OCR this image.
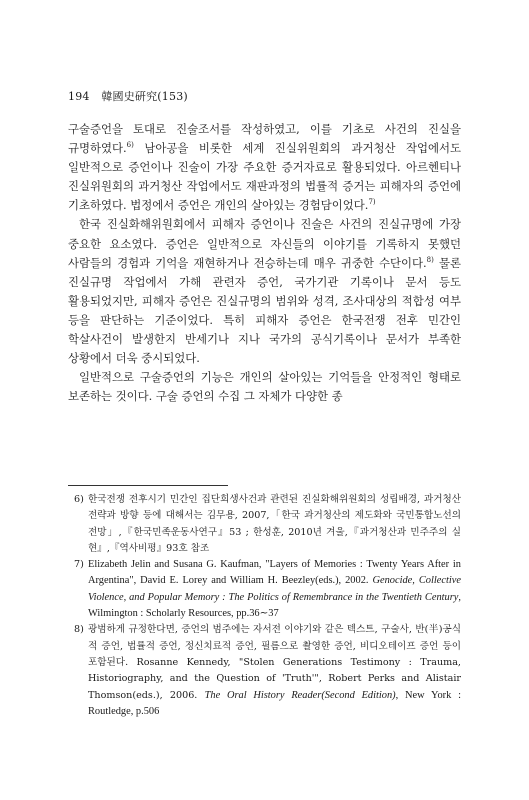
194 韓國史硏究(153)

구술증언을 토대로 진술조서를 작성하였고, 이를 기초로 사건의 진실을 규명하였다.$^{6)}$ 남아공을 비롯한 세계 진실위원회의 과거청산 작업에서도 일반적으로 증언이나 진술이 가장 주요한 증거자료로 활용되었다. 아르헨티나 진실위원회의 과거청산 작업에서도 재판과정의 법률적 증거는 피해자의 증언에 기초하였다. 법정에서 증언은 개인의 살아있는 경험담이었다.$^{7)}$

한국 진실화해위원회에서 피해자 증언이나 진술은 사건의 진실규명에 가장 중요한 요소였다. 증언은 일반적으로 자신들의 이야기를 기록하지 못했던 사람들의 경험과 기억을 재현하거나 전승하는데 매우 귀중한 수단이다.$^{8)}$ 물론 진실규명 작업에서 가해 관련자 증언, 국가기관 기록이나 문서 등도 활용되었지만, 피해자 증언은 진실규명의 범위와 성격, 조사대상의 적합성 여부 등을 판단하는 기준이었다. 특히 피해자 증언은 한국전쟁 전후 민간인 학살사건이 발생한지 반세기나 지나 국가의 공식기록이나 문서가 부족한 상황에서 더욱 중시되었다.

일반적으로 구술증언의 기능은 개인의 살아있는 기억들을 안정적인 형태로 보존하는 것이다. 구술 증언의 수집 그 자체가 다양한 종

6) 한국전쟁 전후시기 민간인 집단희생사건과 관련된 진실화해위원회의 성립배경, 과거청산 전략과 방향 등에 대해서는 김무용, 2007,「한국 과거청산의 제도화와 국민통합노선의 전망」,『한국민족운동사연구』53 ; 한성훈, 2010년 겨울,『과거청산과 민주주의 실현』,『역사비평』93호 참조
7) Elizabeth Jelin and Susana G. Kaufman, "Layers of Memories : Twenty Years After in Argentina", David E. Lorey and William H. Beezley(eds.), 2002. Genocide, Collective Violence, and Popular Memory : The Politics of Remembrance in the Twentieth Century, Wilmington : Scholarly Resources, pp.36∼37
8) 광범하게 규정한다면, 증언의 범주에는 자서전 이야기와 같은 텍스트, 구술사, 반(半)공식적 증언, 법률적 증언, 정신치료적 증언, 필름으로 촬영한 증언, 비디오테이프 증언 등이 포함된다. Rosanne Kennedy, "Stolen Generations Testimony : Trauma, Historiography, and the Question of 'Truth'", Robert Perks and Alistair Thomson(eds.), 2006. The Oral History Reader(Second Edition), New York : Routledge, p.506
